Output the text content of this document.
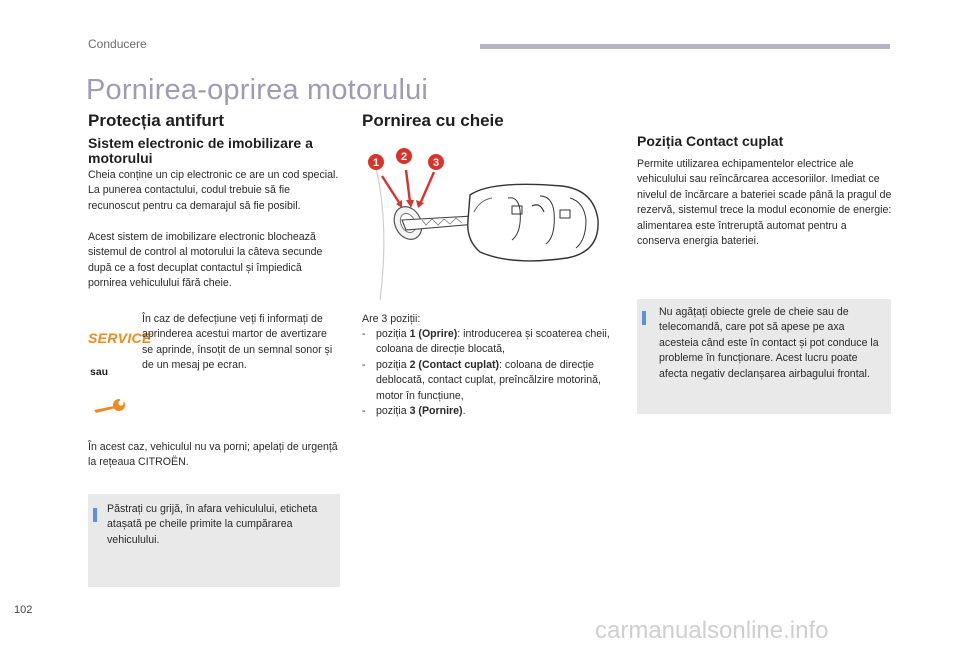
Conducere
Pornirea-oprirea motorului
Protecția antifurt
Sistem electronic de imobilizare a motorului
Cheia conține un cip electronic ce are un cod special. La punerea contactului, codul trebuie să fie recunoscut pentru ca demarajul să fie posibil.
Acest sistem de imobilizare electronic blochează sistemul de control al motorului la câteva secunde după ce a fost decuplat contactul și împiedică pornirea vehiculului fără cheie.
SERVICE
sau
În caz de defecțiune veți fi informați de aprinderea acestui martor de avertizare se aprinde, însoțit de un semnal sonor și de un mesaj pe ecran.
În acest caz, vehiculul nu va porni; apelați de urgență la rețeaua CITROËN.
Păstrați cu grijă, în afara vehiculului, eticheta atașată pe cheile primite la cumpărarea vehiculului.
Pornirea cu cheie
1 2 3
Are 3 poziții:
- poziția 1 (Oprire): introducerea și scoaterea cheii, coloana de direcție blocată,
- poziția 2 (Contact cuplat): coloana de direcție deblocată, contact cuplat, preîncălzire motorină, motor în funcțiune,
- poziția 3 (Pornire).
Poziția Contact cuplat
Permite utilizarea echipamentelor electrice ale vehiculului sau reîncărcarea accesoriilor. Imediat ce nivelul de încărcare a bateriei scade până la pragul de rezervă, sistemul trece la modul economie de energie: alimentarea este întreruptă automat pentru a conserva energia bateriei.
Nu agățați obiecte grele de cheie sau de telecomandă, care pot să apese pe axa acesteia când este în contact și pot conduce la probleme în funcționare. Acest lucru poate afecta negativ declanșarea airbagului frontal.
102
carmanualsonline.info
